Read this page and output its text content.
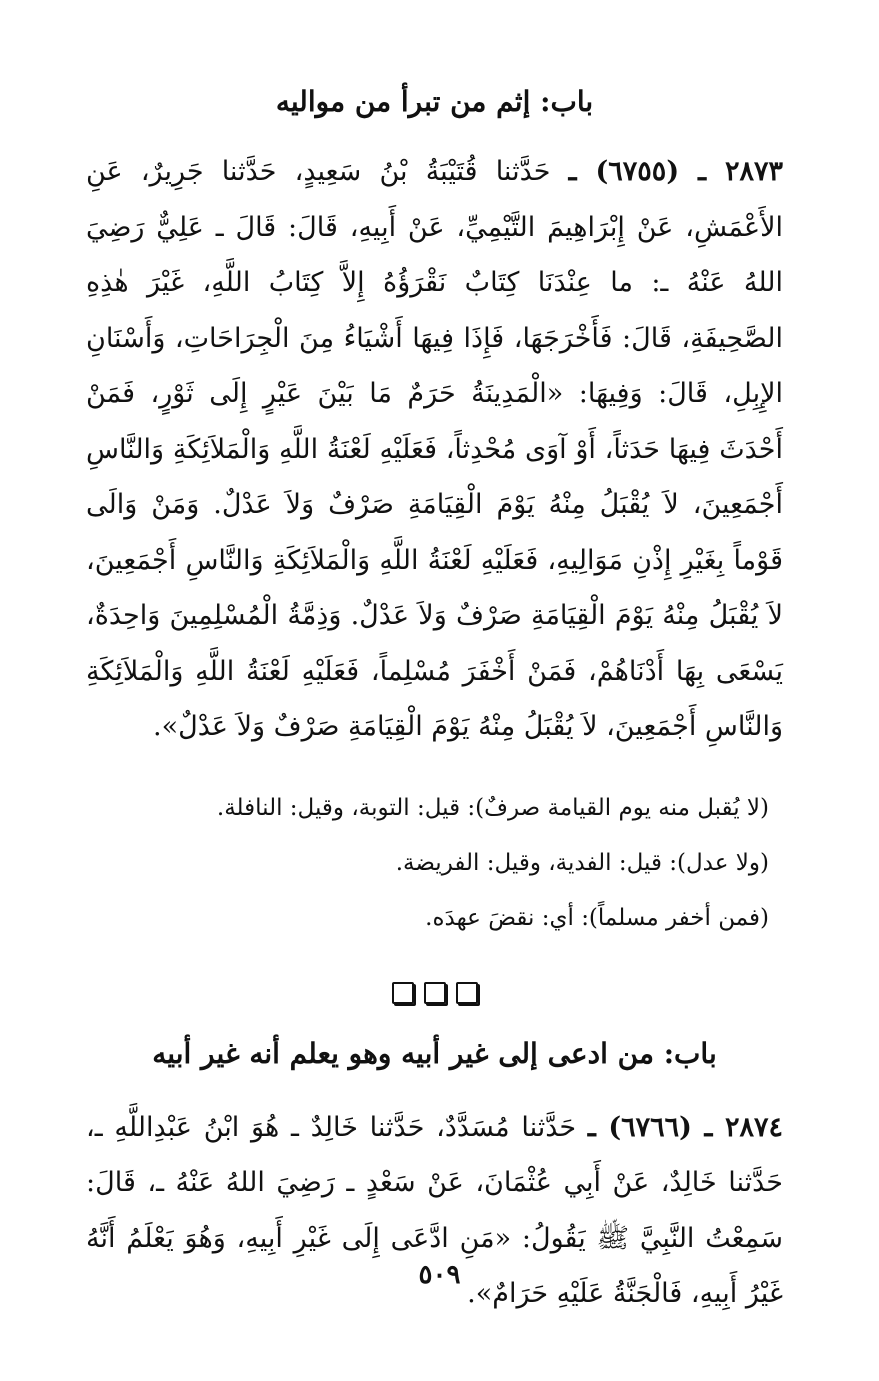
باب: إثم من تبرأ من مواليه

٢٨٧٣ ـ (٦٧٥٥) ـ حَدَّثنا قُتَيْبَةُ بْنُ سَعِيدٍ، حَدَّثنا جَرِيرٌ، عَنِ الأَعْمَشِ، عَنْ إِبْرَاهِيمَ التَّيْمِيِّ، عَنْ أَبِيهِ، قَالَ: قَالَ ـ عَلِيٌّ رَضِيَ اللهُ عَنْهُ ـ: ما عِنْدَنَا كِتَابٌ نَقْرَؤُهُ إِلاَّ كِتَابُ اللَّهِ، غَيْرَ هٰذِهِ الصَّحِيفَةِ، قَالَ: فَأَخْرَجَهَا، فَإِذَا فِيهَا أَشْيَاءُ مِنَ الْجِرَاحَاتِ، وَأَسْنَانِ الإِبِلِ، قَالَ: وَفِيهَا: «الْمَدِينَةُ حَرَمٌ مَا بَيْنَ عَيْرٍ إِلَى ثَوْرٍ، فَمَنْ أَحْدَثَ فِيهَا حَدَثاً، أَوْ آوَى مُحْدِثاً، فَعَلَيْهِ لَعْنَةُ اللَّهِ وَالْمَلاَئِكَةِ وَالنَّاسِ أَجْمَعِينَ، لاَ يُقْبَلُ مِنْهُ يَوْمَ الْقِيَامَةِ صَرْفٌ وَلاَ عَدْلٌ. وَمَنْ وَالَى قَوْماً بِغَيْرِ إِذْنِ مَوَالِيهِ، فَعَلَيْهِ لَعْنَةُ اللَّهِ وَالْمَلاَئِكَةِ وَالنَّاسِ أَجْمَعِينَ، لاَ يُقْبَلُ مِنْهُ يَوْمَ الْقِيَامَةِ صَرْفٌ وَلاَ عَدْلٌ. وَذِمَّةُ الْمُسْلِمِينَ وَاحِدَةٌ، يَسْعَى بِهَا أَدْنَاهُمْ، فَمَنْ أَخْفَرَ مُسْلِماً، فَعَلَيْهِ لَعْنَةُ اللَّهِ وَالْمَلاَئِكَةِ وَالنَّاسِ أَجْمَعِينَ، لاَ يُقْبَلُ مِنْهُ يَوْمَ الْقِيَامَةِ صَرْفٌ وَلاَ عَدْلٌ».

(لا يُقبل منه يوم القيامة صرفٌ): قيل: التوبة، وقيل: النافلة.

(ولا عدل): قيل: الفدية، وقيل: الفريضة.

(فمن أخفر مسلماً): أي: نقضَ عهدَه.

باب: من ادعى إلى غير أبيه وهو يعلم أنه غير أبيه

٢٨٧٤ ـ (٦٧٦٦) ـ حَدَّثنا مُسَدَّدٌ، حَدَّثنا خَالِدٌ ـ هُوَ ابْنُ عَبْدِاللَّهِ ـ، حَدَّثنا خَالِدٌ، عَنْ أَبِي عُثْمَانَ، عَنْ سَعْدٍ ـ رَضِيَ اللهُ عَنْهُ ـ، قَالَ: سَمِعْتُ النَّبِيَّ ﷺ يَقُولُ: «مَنِ ادَّعَى إِلَى غَيْرِ أَبِيهِ، وَهُوَ يَعْلَمُ أَنَّهُ غَيْرُ أَبِيهِ، فَالْجَنَّةُ عَلَيْهِ حَرَامٌ».

٥٠٩
